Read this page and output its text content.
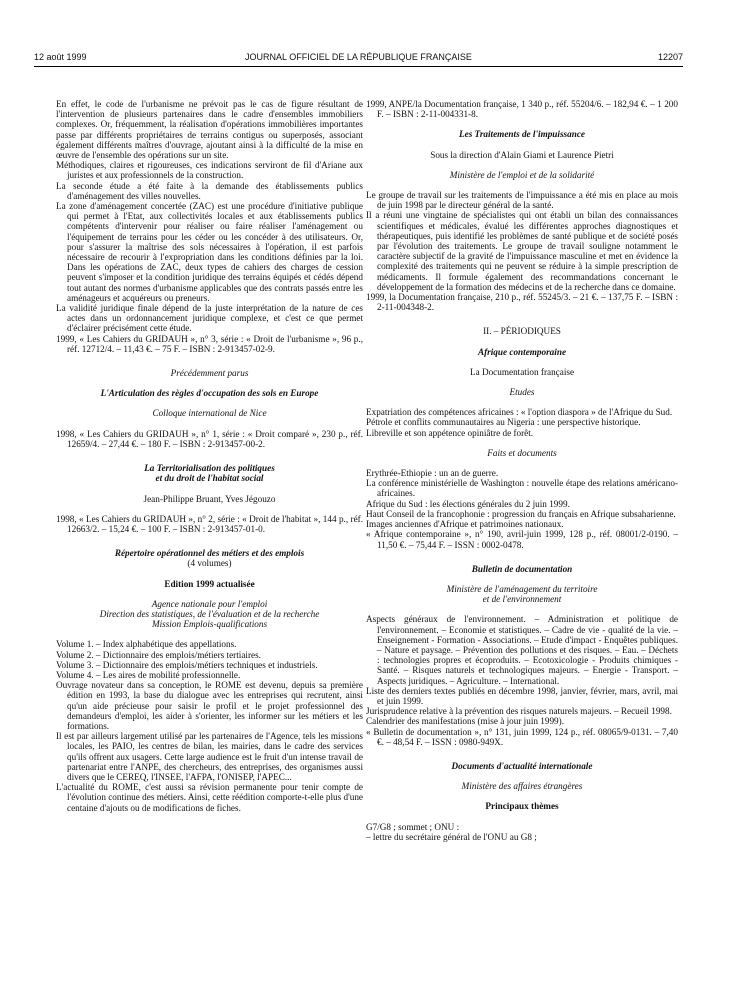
12 août 1999	JOURNAL OFFICIEL DE LA RÉPUBLIQUE FRANÇAISE	12207

En effet, le code de l'urbanisme ne prévoit pas le cas de figure résultant de l'intervention de plusieurs partenaires dans le cadre d'ensembles immobiliers complexes. Or, fréquemment, la réalisation d'opérations immobilières importantes passe par différents propriétaires de terrains contigus ou superposés, associant également différents maîtres d'ouvrage, ajoutant ainsi à la difficulté de la mise en œuvre de l'ensemble des opérations sur un site.

Méthodiques, claires et rigoureuses, ces indications serviront de fil d'Ariane aux juristes et aux professionnels de la construction.

La seconde étude a été faite à la demande des établissements publics d'aménagement des villes nouvelles.

La zone d'aménagement concertée (ZAC) est une procédure d'initiative publique qui permet à l'Etat, aux collectivités locales et aux établissements publics compétents d'intervenir pour réaliser ou faire réaliser l'aménagement ou l'équipement de terrains pour les céder ou les concéder à des utilisateurs. Or, pour s'assurer la maîtrise des sols nécessaires à l'opération, il est parfois nécessaire de recourir à l'expropriation dans les conditions définies par la loi. Dans les opérations de ZAC, deux types de cahiers des charges de cession peuvent s'imposer et la condition juridique des terrains équipés et cédés dépend tout autant des normes d'urbanisme applicables que des contrats passés entre les aménageurs et acquéreurs ou preneurs.

La validité juridique finale dépend de la juste interprétation de la nature de ces actes dans un ordonnancement juridique complexe, et c'est ce que permet d'éclairer précisément cette étude.

1999, « Les Cahiers du GRIDAUH », n° 3, série : « Droit de l'urbanisme », 96 p., réf. 12712/4. – 11,43 €. – 75 F. – ISBN : 2-913457-02-9.

Précédemment parus

L'Articulation des règles d'occupation des sols en Europe

Colloque international de Nice

1998, « Les Cahiers du GRIDAUH », n° 1, série : « Droit comparé », 230 p., réf. 12659/4. – 27,44 €. – 180 F. – ISBN : 2-913457-00-2.

La Territorialisation des politiques

et du droit de l'habitat social

Jean-Philippe Bruant, Yves Jégouzo

1998, « Les Cahiers du GRIDAUH », n° 2, série : « Droit de l'habitat », 144 p., réf. 12663/2. – 15,24 €. – 100 F. – ISBN : 2-913457-01-0.

Répertoire opérationnel des métiers et des emplois

(4 volumes)

Edition 1999 actualisée

Agence nationale pour l'emploi

Direction des statistiques, de l'évaluation et de la recherche

Mission Emplois-qualifications

Volume 1. – Index alphabétique des appellations.

Volume 2. – Dictionnaire des emplois/métiers tertiaires.

Volume 3. – Dictionnaire des emplois/métiers techniques et industriels.

Volume 4. – Les aires de mobilité professionnelle.

Ouvrage novateur dans sa conception, le ROME est devenu, depuis sa première édition en 1993, la base du dialogue avec les entreprises qui recrutent, ainsi qu'un aide précieuse pour saisir le profil et le projet professionnel des demandeurs d'emploi, les aider à s'orienter, les informer sur les métiers et les formations.

Il est par ailleurs largement utilisé par les partenaires de l'Agence, tels les missions locales, les PAIO, les centres de bilan, les mairies, dans le cadre des services qu'ils offrent aux usagers. Cette large audience est le fruit d'un intense travail de partenariat entre l'ANPE, des chercheurs, des entreprises, des organismes aussi divers que le CEREQ, l'INSEE, l'AFPA, l'ONISEP, l'APEC...

L'actualité du ROME, c'est aussi sa révision permanente pour tenir compte de l'évolution continue des métiers. Ainsi, cette réédition comporte-t-elle plus d'une centaine d'ajouts ou de modifications de fiches.

1999, ANPE/la Documentation française, 1 340 p., réf. 55204/6. – 182,94 €. – 1 200 F. – ISBN : 2-11-004331-8.

Les Traitements de l'impuissance

Sous la direction d'Alain Giami et Laurence Pietri

Ministère de l'emploi et de la solidarité

Le groupe de travail sur les traitements de l'impuissance a été mis en place au mois de juin 1998 par le directeur général de la santé.

Il a réuni une vingtaine de spécialistes qui ont établi un bilan des connaissances scientifiques et médicales, évalué les différentes approches diagnostiques et thérapeutiques, puis identifié les problèmes de santé publique et de société posés par l'évolution des traitements. Le groupe de travail souligne notamment le caractère subjectif de la gravité de l'impuissance masculine et met en évidence la complexité des traitements qui ne peuvent se réduire à la simple prescription de médicaments. Il formule également des recommandations concernant le développement de la formation des médecins et de la recherche dans ce domaine.

1999, la Documentation française, 210 p., réf. 55245/3. – 21 €. – 137,75 F. – ISBN : 2-11-004348-2.

II. – PÉRIODIQUES

Afrique contemporaine

La Documentation française

Etudes

Expatriation des compétences africaines : « l'option diaspora » de l'Afrique du Sud.

Pétrole et conflits communautaires au Nigeria : une perspective historique.

Libreville et son appétence opiniâtre de forêt.

Faits et documents

Erythrée-Ethiopie : un an de guerre.

La conférence ministérielle de Washington : nouvelle étape des relations américano-africaines.

Afrique du Sud : les élections générales du 2 juin 1999.

Haut Conseil de la francophonie : progression du français en Afrique subsaharienne.

Images anciennes d'Afrique et patrimoines nationaux.

« Afrique contemporaine », n° 190, avril-juin 1999, 128 p., réf. 08001/2-0190. – 11,50 €. – 75,44 F. – ISSN : 0002-0478.

Bulletin de documentation

Ministère de l'aménagement du territoire

et de l'environnement

Aspects généraux de l'environnement. – Administration et politique de l'environnement. – Economie et statistiques. – Cadre de vie - qualité de la vie. – Enseignement - Formation - Associations. – Etude d'impact - Enquêtes publiques. – Nature et paysage. – Prévention des pollutions et des risques. – Eau. – Déchets : technologies propres et écoproduits. – Ecotoxicologie - Produits chimiques - Santé. – Risques naturels et technologiques majeurs. – Energie - Transport. – Aspects juridiques. – Agriculture. – International.

Liste des derniers textes publiés en décembre 1998, janvier, février, mars, avril, mai et juin 1999.

Jurisprudence relative à la prévention des risques naturels majeurs. – Recueil 1998.

Calendrier des manifestations (mise à jour juin 1999).

« Bulletin de documentation », n° 131, juin 1999, 124 p., réf. 08065/9-0131. – 7,40 €. – 48,54 F. – ISSN : 0980-949X.

Documents d'actualité internationale

Ministère des affaires étrangères

Principaux thèmes

G7/G8 ; sommet ; ONU :

– lettre du secrétaire général de l'ONU au G8 ;
